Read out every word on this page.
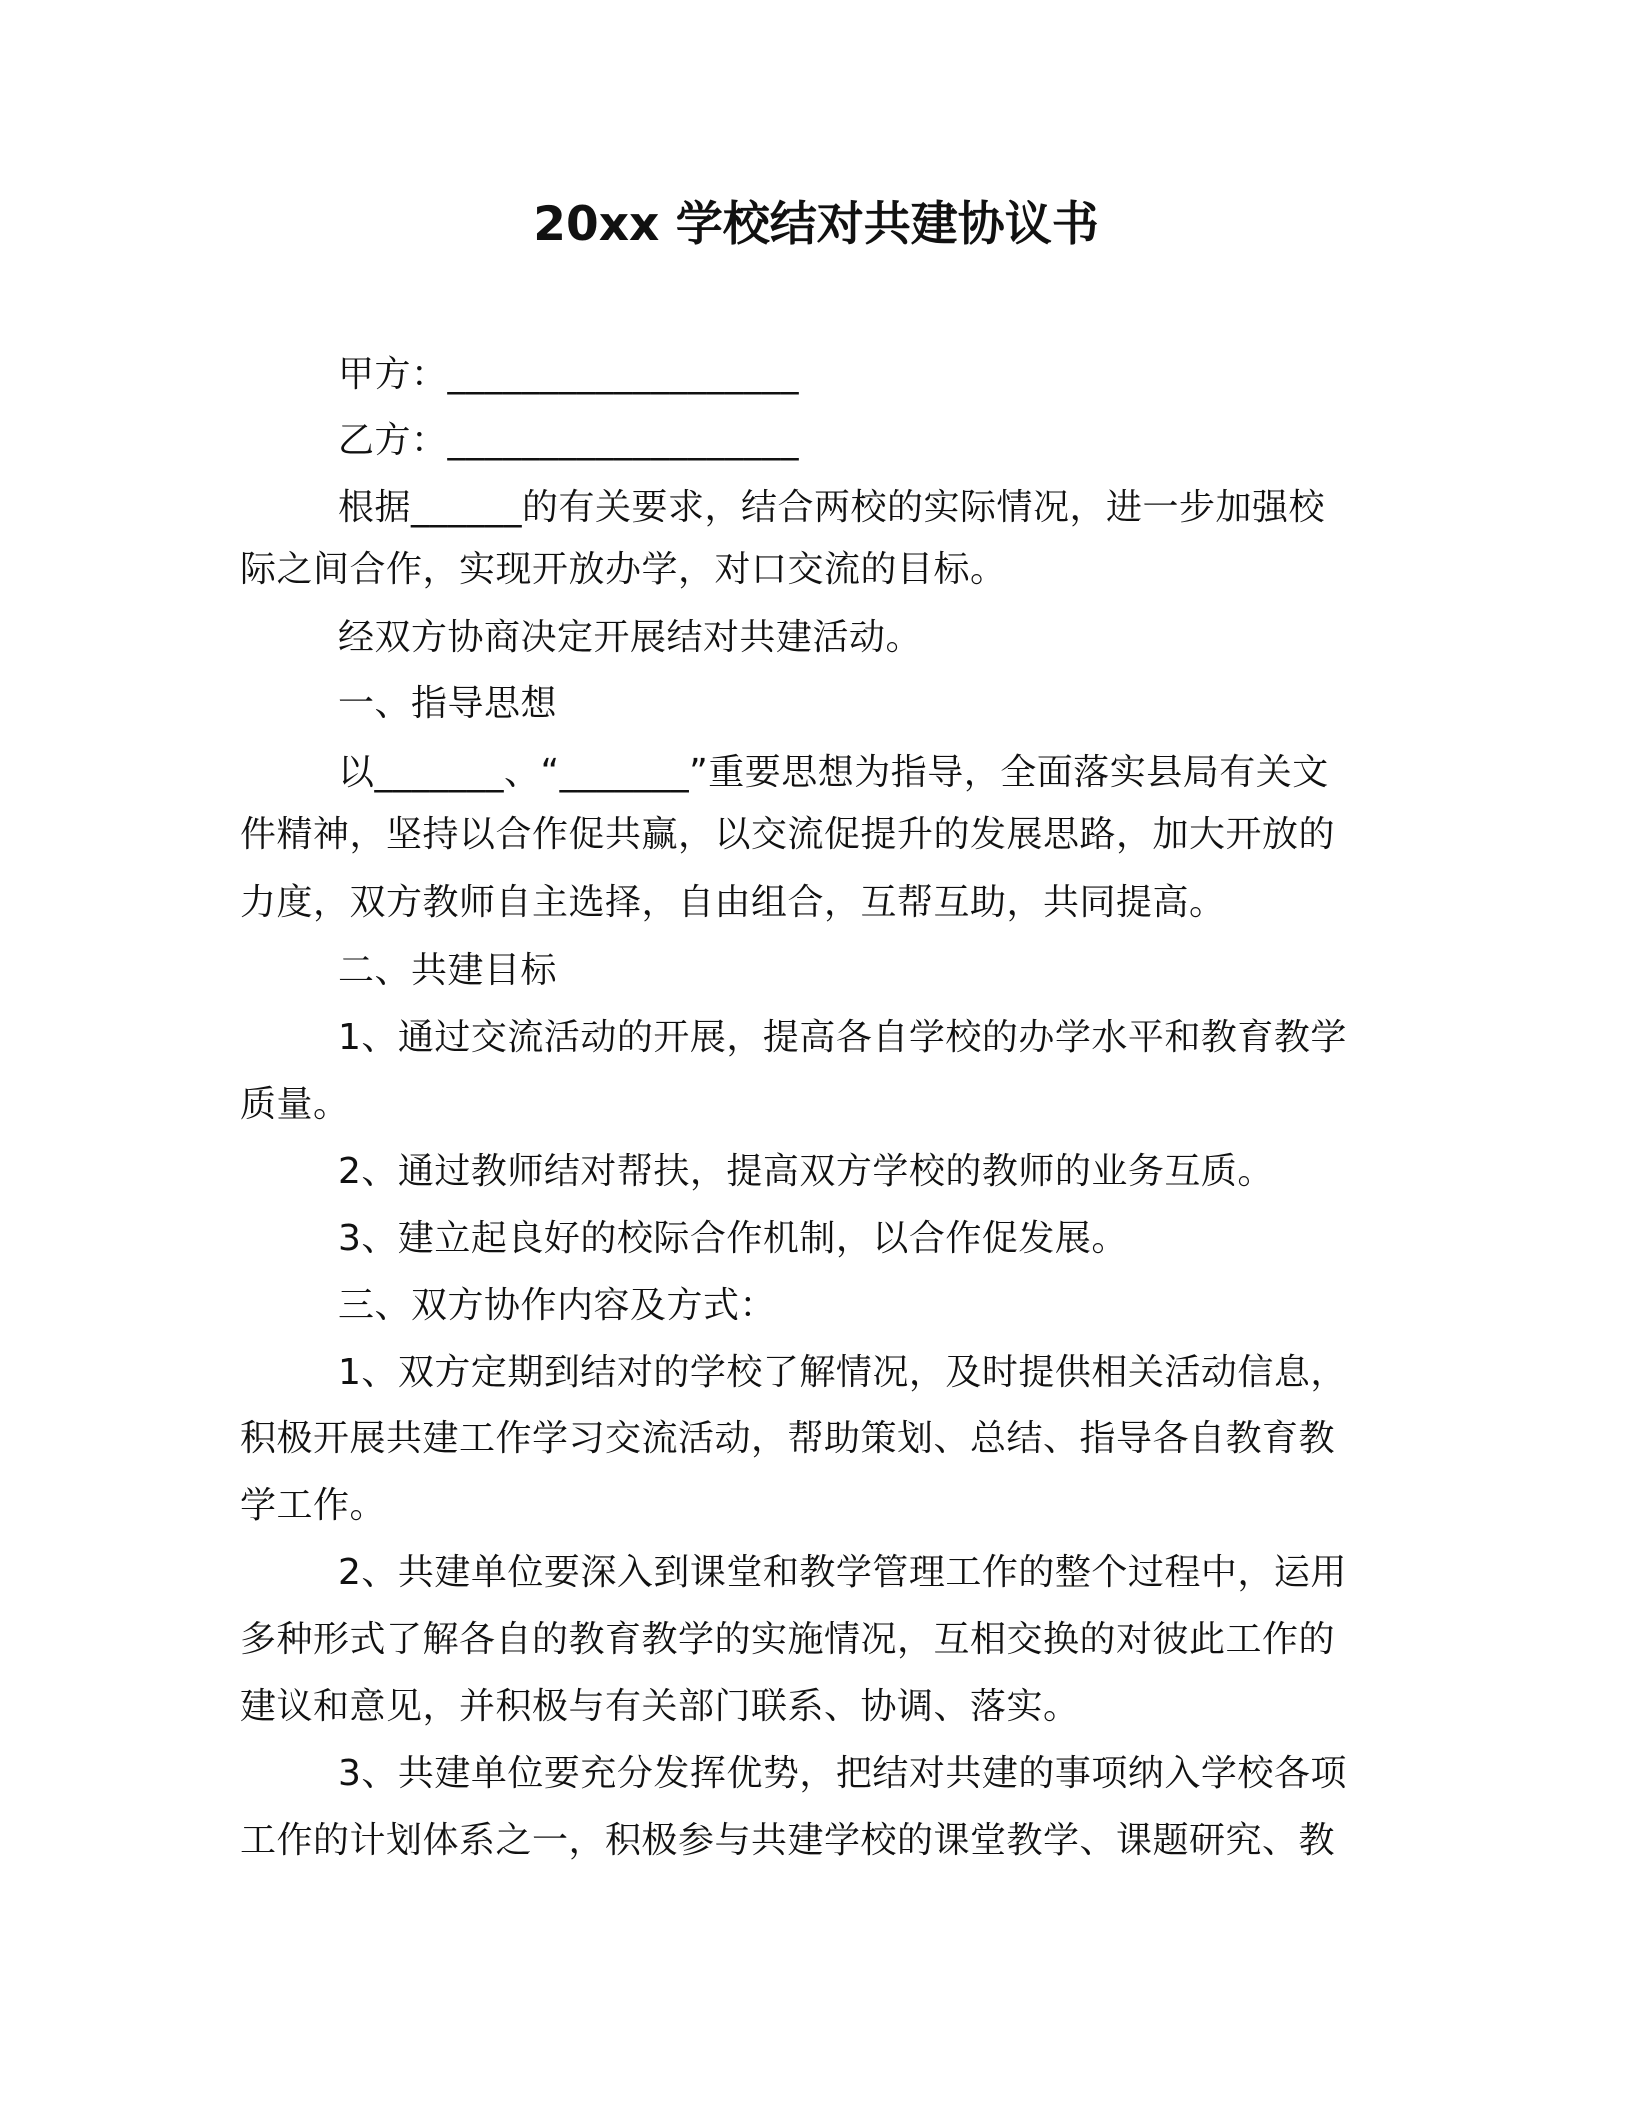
20xx 学校结对共建协议书
甲方：___________________
乙方：___________________
根据______的有关要求，结合两校的实际情况，进一步加强校
际之间合作，实现开放办学，对口交流的目标。
经双方协商决定开展结对共建活动。
一、指导思想
以_______、“_______”重要思想为指导，全面落实县局有关文
件精神，坚持以合作促共赢，以交流促提升的发展思路，加大开放的
力度，双方教师自主选择，自由组合，互帮互助，共同提高。
二、共建目标
1、通过交流活动的开展，提高各自学校的办学水平和教育教学
质量。
2、通过教师结对帮扶，提高双方学校的教师的业务互质。
3、建立起良好的校际合作机制，以合作促发展。
三、双方协作内容及方式：
1、双方定期到结对的学校了解情况，及时提供相关活动信息，
积极开展共建工作学习交流活动，帮助策划、总结、指导各自教育教
学工作。
2、共建单位要深入到课堂和教学管理工作的整个过程中，运用
多种形式了解各自的教育教学的实施情况，互相交换的对彼此工作的
建议和意见，并积极与有关部门联系、协调、落实。
3、共建单位要充分发挥优势，把结对共建的事项纳入学校各项
工作的计划体系之一，积极参与共建学校的课堂教学、课题研究、教
